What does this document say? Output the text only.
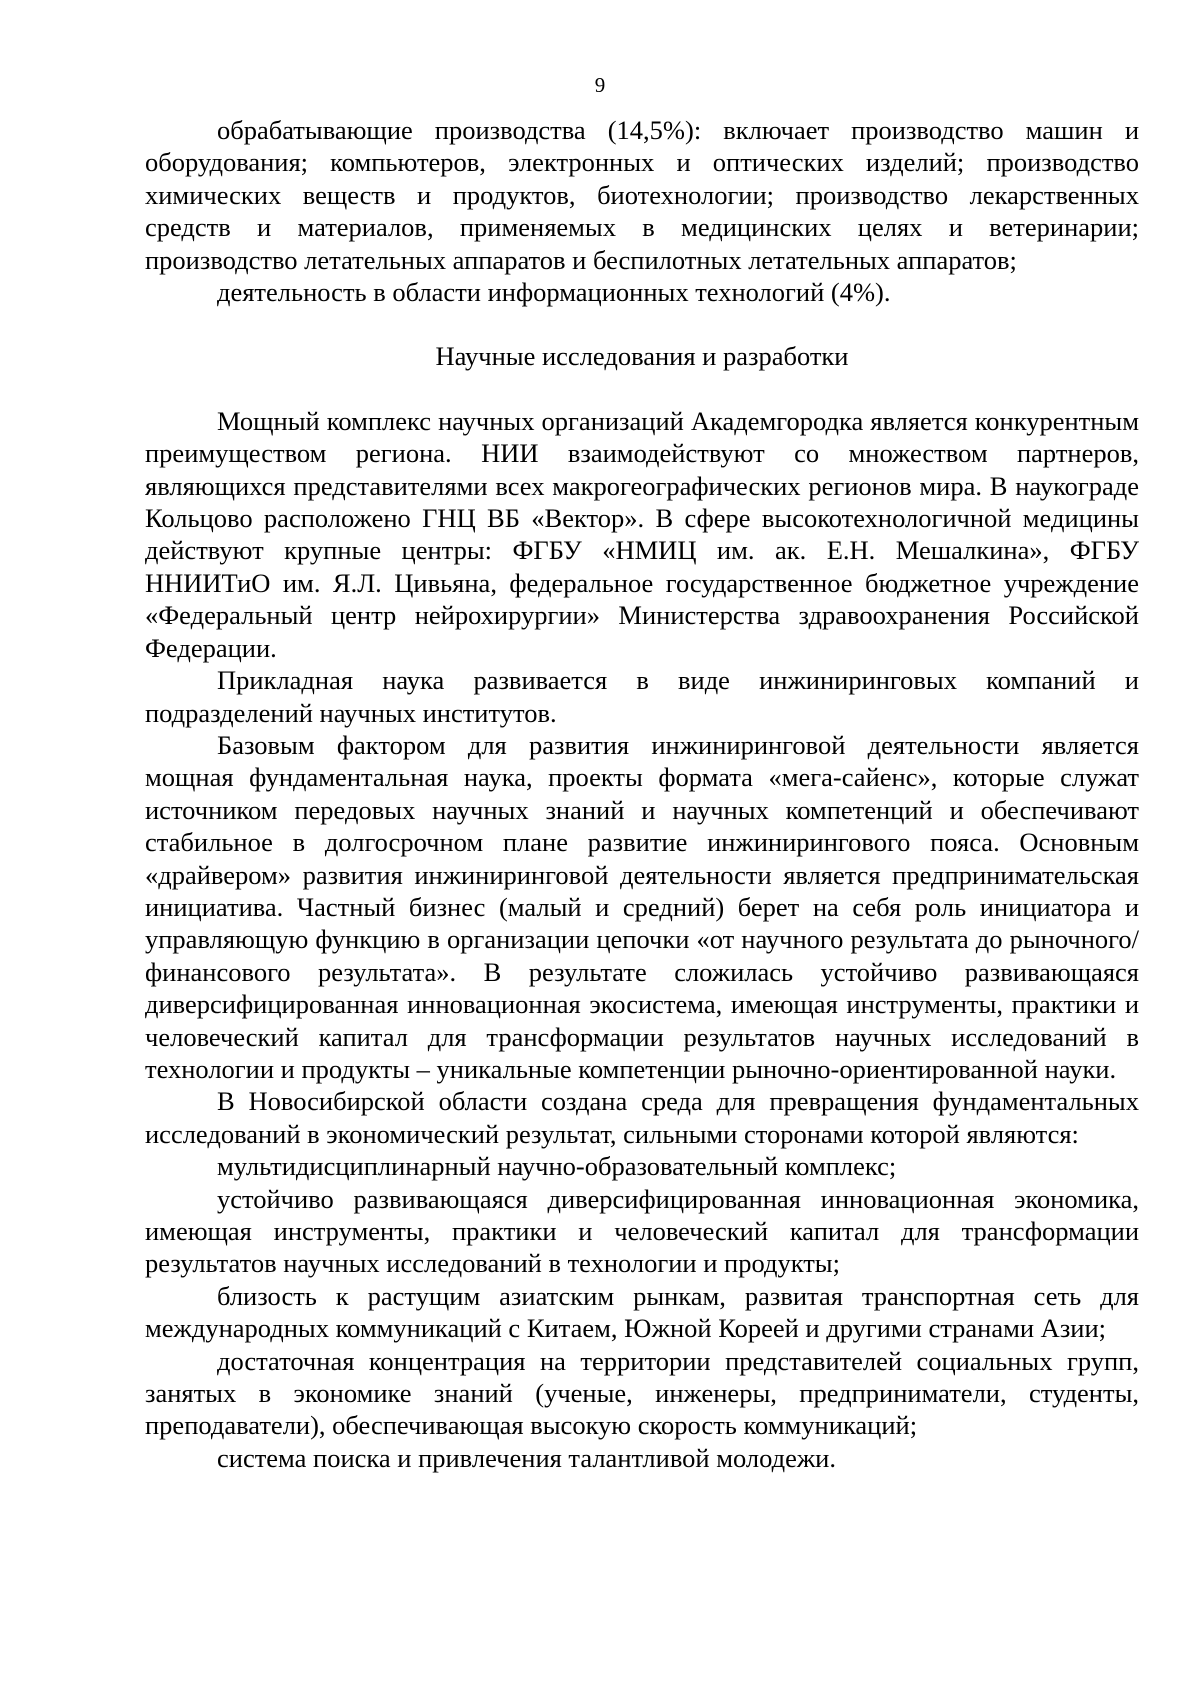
9

обрабатывающие производства (14,5%): включает производство машин и оборудования; компьютеров, электронных и оптических изделий; производство химических веществ и продуктов, биотехнологии; производство лекарственных средств и материалов, применяемых в медицинских целях и ветеринарии; производство летательных аппаратов и беспилотных летательных аппаратов;

деятельность в области информационных технологий (4%).

Научные исследования и разработки

Мощный комплекс научных организаций Академгородка является конкурентным преимуществом региона. НИИ взаимодействуют со множеством партнеров, являющихся представителями всех макрогеографических регионов мира. В наукограде Кольцово расположено ГНЦ ВБ «Вектор». В сфере высокотехнологичной медицины действуют крупные центры: ФГБУ «НМИЦ им. ак. Е.Н. Мешалкина», ФГБУ ННИИТиО им. Я.Л. Цивьяна, федеральное государственное бюджетное учреждение «Федеральный центр нейрохирургии» Министерства здравоохранения Российской Федерации.

Прикладная наука развивается в виде инжиниринговых компаний и подразделений научных институтов.

Базовым фактором для развития инжиниринговой деятельности является мощная фундаментальная наука, проекты формата «мега-сайенс», которые служат источником передовых научных знаний и научных компетенций и обеспечивают стабильное в долгосрочном плане развитие инжинирингового пояса. Основным «драйвером» развития инжиниринговой деятельности является предпринимательская инициатива. Частный бизнес (малый и средний) берет на себя роль инициатора и управляющую функцию в организации цепочки «от научного результата до рыночного/финансового результата». В результате сложилась устойчиво развивающаяся диверсифицированная инновационная экосистема, имеющая инструменты, практики и человеческий капитал для трансформации результатов научных исследований в технологии и продукты – уникальные компетенции рыночно-ориентированной науки.

В Новосибирской области создана среда для превращения фундаментальных исследований в экономический результат, сильными сторонами которой являются:

мультидисциплинарный научно-образовательный комплекс;

устойчиво развивающаяся диверсифицированная инновационная экономика, имеющая инструменты, практики и человеческий капитал для трансформации результатов научных исследований в технологии и продукты;

близость к растущим азиатским рынкам, развитая транспортная сеть для международных коммуникаций с Китаем, Южной Кореей и другими странами Азии;

достаточная концентрация на территории представителей социальных групп, занятых в экономике знаний (ученые, инженеры, предприниматели, студенты, преподаватели), обеспечивающая высокую скорость коммуникаций;

система поиска и привлечения талантливой молодежи.
